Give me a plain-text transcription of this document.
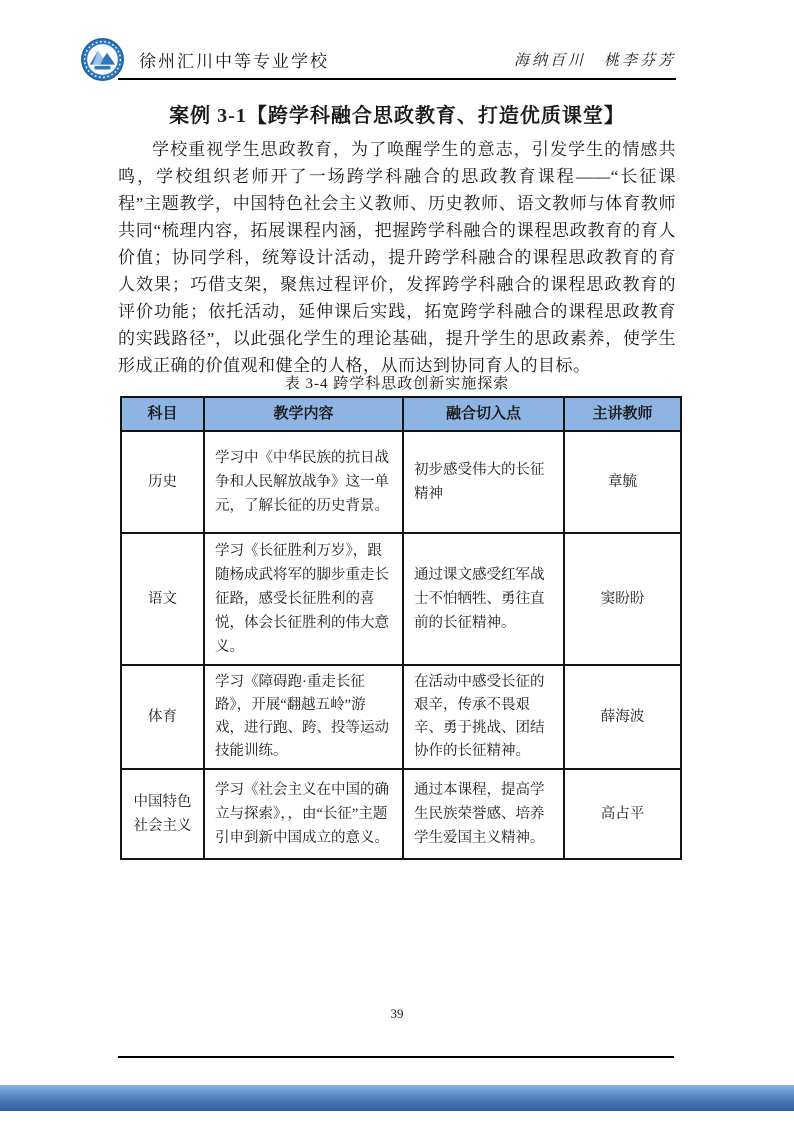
徐州汇川中等专业学校	海纳百川　桃李芬芳
案例 3-1【跨学科融合思政教育、打造优质课堂】

学校重视学生思政教育，为了唤醒学生的意志，引发学生的情感共鸣，学校组织老师开了一场跨学科融合的思政教育课程——“长征课程”主题教学，中国特色社会主义教师、历史教师、语文教师与体育教师共同“梳理内容，拓展课程内涵，把握跨学科融合的课程思政教育的育人价值；协同学科，统筹设计活动，提升跨学科融合的课程思政教育的育人效果；巧借支架，聚焦过程评价，发挥跨学科融合的课程思政教育的评价功能；依托活动，延伸课后实践，拓宽跨学科融合的课程思政教育的实践路径”，以此强化学生的理论基础，提升学生的思政素养，使学生形成正确的价值观和健全的人格，从而达到协同育人的目标。

表 3-4 跨学科思政创新实施探索
科目	教学内容	融合切入点	主讲教师
历史	学习中《中华民族的抗日战争和人民解放战争》这一单元，了解长征的历史背景。	初步感受伟大的长征精神	章毓
语文	学习《长征胜利万岁》，跟随杨成武将军的脚步重走长征路，感受长征胜利的喜悦，体会长征胜利的伟大意义。	通过课文感受红军战士不怕牺牲、勇往直前的长征精神。	窦盼盼
体育	学习《障碍跑·重走长征路》，开展“翻越五岭”游戏，进行跑、跨、投等运动技能训练。	在活动中感受长征的艰辛，传承不畏艰辛、勇于挑战、团结协作的长征精神。	薛海波
中国特色社会主义	学习《社会主义在中国的确立与探索》，，由“长征”主题引申到新中国成立的意义。	通过本课程，提高学生民族荣誉感、培养学生爱国主义精神。	高占平
39
